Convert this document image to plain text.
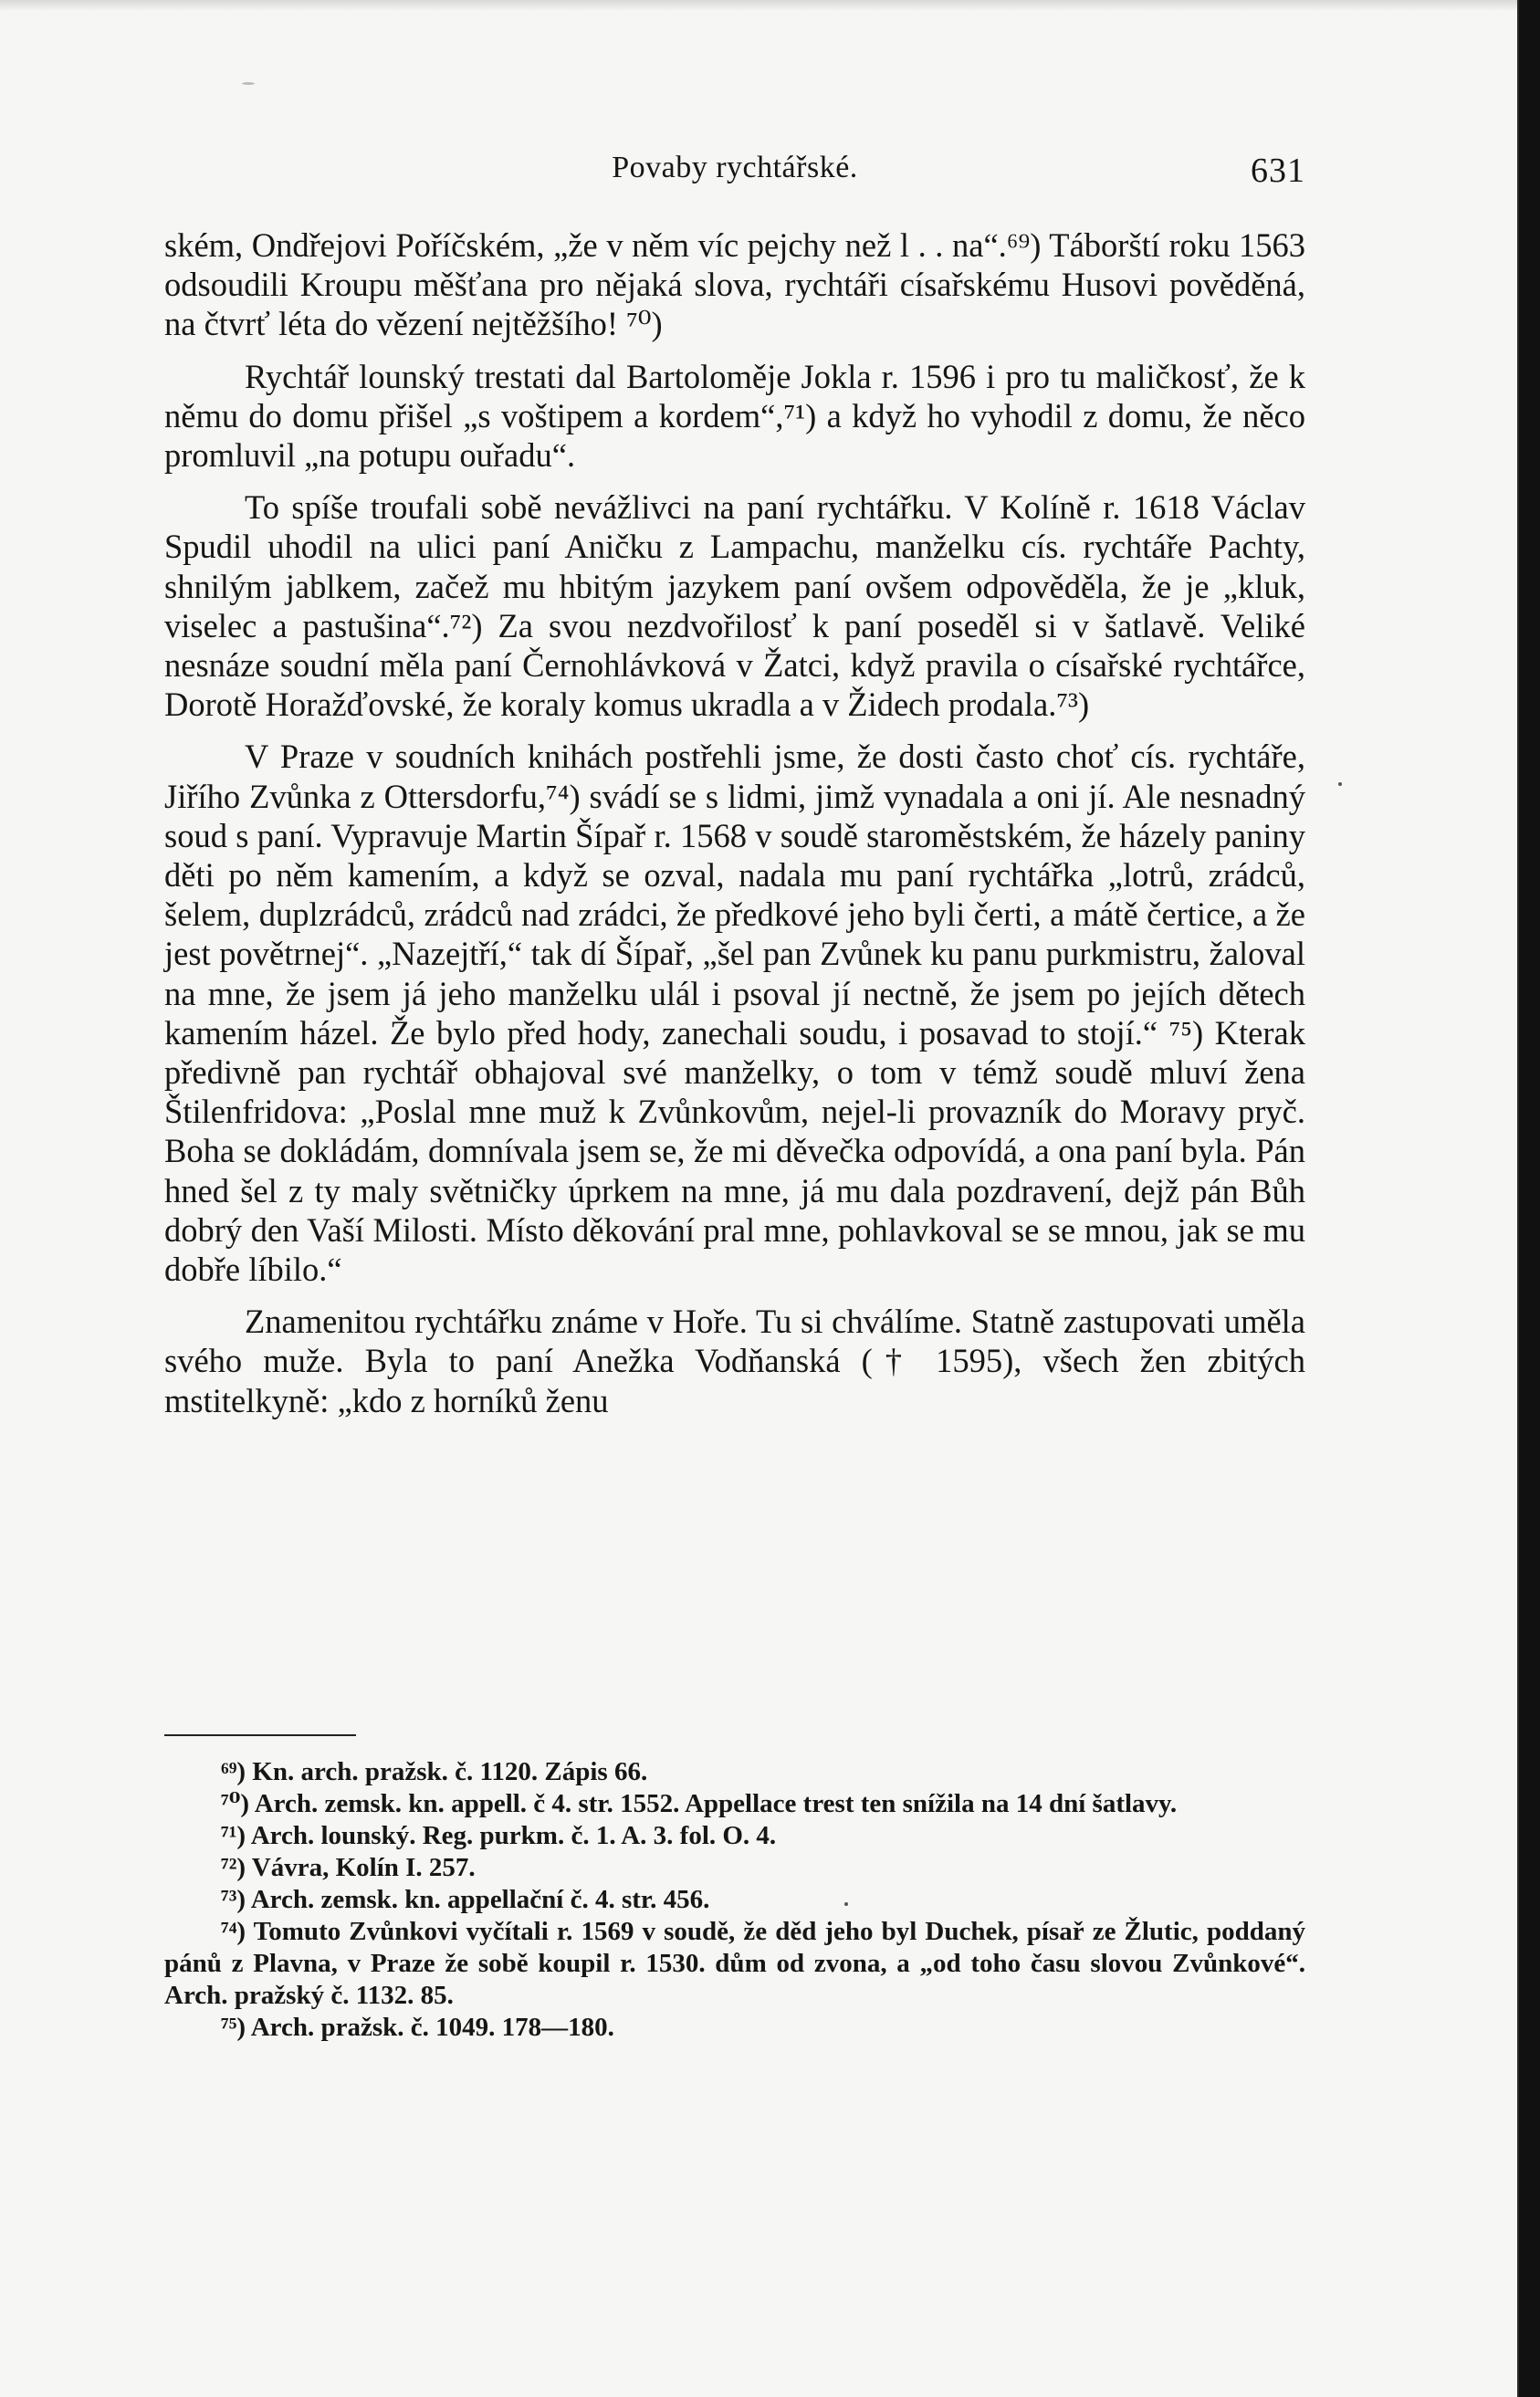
Povaby rychtářské.	631

ském, Ondřejovi Poříčském, „že v něm víc pejchy než l . . na“.⁶⁹) Táborští roku 1563 odsoudili Kroupu měšťana pro nějaká slova, rychtáři císařskému Husovi pověděná, na čtvrť léta do vězení nejtěžšího! ⁷⁰)

Rychtář lounský trestati dal Bartoloměje Jokla r. 1596 i pro tu maličkosť, že k němu do domu přišel „s voštipem a kordem“,⁷¹) a když ho vyhodil z domu, že něco promluvil „na potupu ouřadu“.

To spíše troufali sobě nevážlivci na paní rychtářku. V Kolíně r. 1618 Václav Spudil uhodil na ulici paní Aničku z Lampachu, manželku cís. rychtáře Pachty, shnilým jablkem, začež mu hbitým jazykem paní ovšem odpověděla, že je „kluk, viselec a pastušina“.⁷²) Za svou nezdvořilosť k paní poseděl si v šatlavě. Veliké nesnáze soudní měla paní Černohlávková v Žatci, když pravila o císařské rychtářce, Dorotě Horažďovské, že koraly komus ukradla a v Židech prodala.⁷³)

V Praze v soudních knihách postřehli jsme, že dosti často choť cís. rychtáře, Jiřího Zvůnka z Ottersdorfu,⁷⁴) svádí se s lidmi, jimž vynadala a oni jí. Ale nesnadný soud s paní. Vypravuje Martin Šípař r. 1568 v soudě staroměstském, že házely paniny děti po něm kamením, a když se ozval, nadala mu paní rychtářka „lotrů, zrádců, šelem, duplzrádců, zrádců nad zrádci, že předkové jeho byli čerti, a mátě čertice, a že jest povětrnej“. „Nazejtří,“ tak dí Šípař, „šel pan Zvůnek ku panu purkmistru, žaloval na mne, že jsem já jeho manželku ulál i psoval jí nectně, že jsem po jejích dětech kamením házel. Že bylo před hody, zanechali soudu, i posavad to stojí.“ ⁷⁵) Kterak předivně pan rychtář obhajoval své manželky, o tom v témž soudě mluví žena Štilenfridova: „Poslal mne muž k Zvůnkovům, nejel-li provazník do Moravy pryč. Boha se dokládám, domnívala jsem se, že mi děvečka odpovídá, a ona paní byla. Pán hned šel z ty maly světničky úprkem na mne, já mu dala pozdravení, dejž pán Bůh dobrý den Vaší Milosti. Místo děkování pral mne, pohlavkoval se se mnou, jak se mu dobře líbilo.“

Znamenitou rychtářku známe v Hoře. Tu si chválíme. Statně zastupovati uměla svého muže. Byla to paní Anežka Vodňanská († 1595), všech žen zbitých mstitelkyně: „kdo z horníků ženu

⁶⁹) Kn. arch. pražsk. č. 1120. Zápis 66.

⁷⁰) Arch. zemsk. kn. appell. č 4. str. 1552. Appellace trest ten snížila na 14 dní šatlavy.

⁷¹) Arch. lounský. Reg. purkm. č. 1. A. 3. fol. O. 4.

⁷²) Vávra, Kolín I. 257.

⁷³) Arch. zemsk. kn. appellační č. 4. str. 456.

⁷⁴) Tomuto Zvůnkovi vyčítali r. 1569 v soudě, že děd jeho byl Duchek, písař ze Žlutic, poddaný pánů z Plavna, v Praze že sobě koupil r. 1530. dům od zvona, a „od toho času slovou Zvůnkové“. Arch. pražský č. 1132. 85.

⁷⁵) Arch. pražsk. č. 1049. 178—180.
